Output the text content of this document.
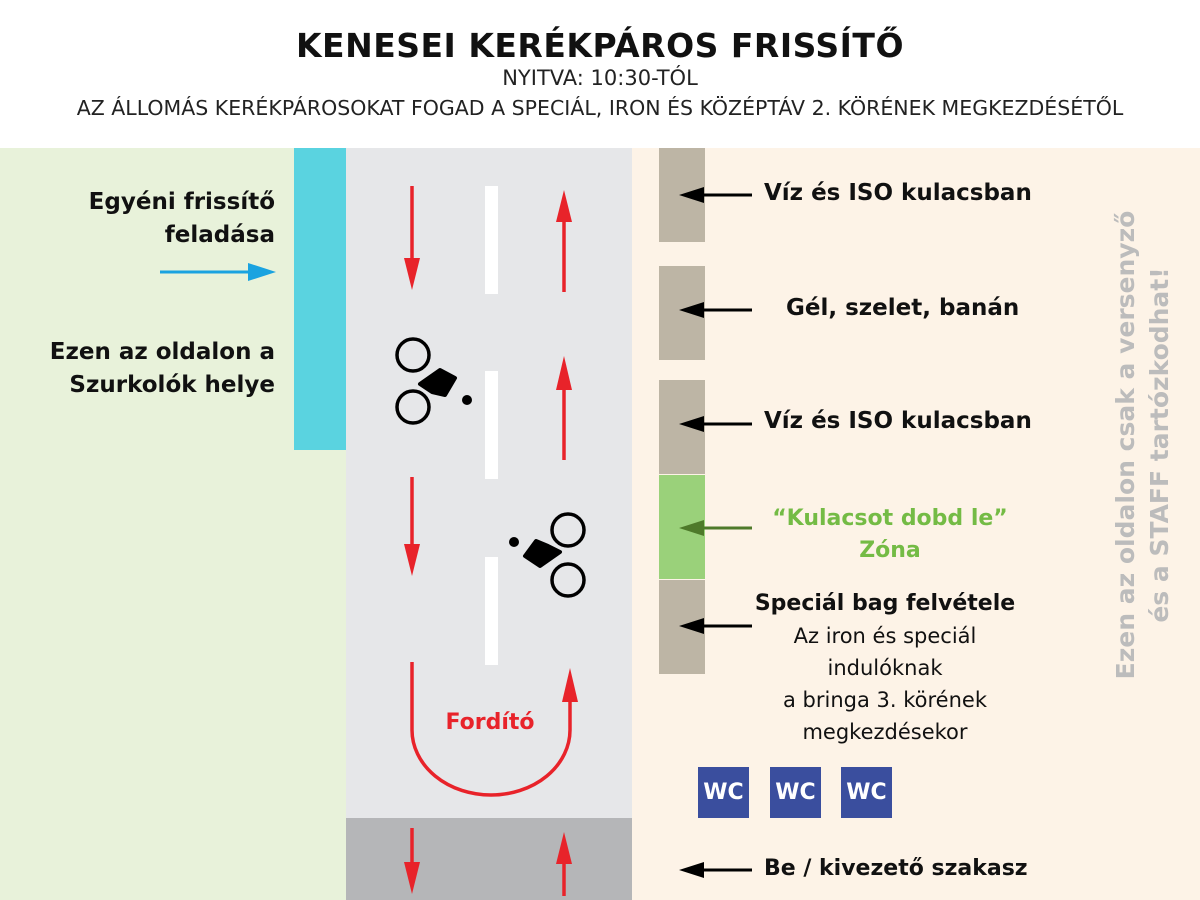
KENESEI KERÉKPÁROS FRISSÍTŐ
NYITVA: 10:30-TÓL
AZ ÁLLOMÁS KERÉKPÁROSOKAT FOGAD A SPECIÁL, IRON ÉS KÖZÉPTÁV 2. KÖRÉNEK MEGKEZDÉSÉTŐL
Egyéni frissítő
feladása
Ezen az oldalon a
Szurkolók helye
Fordító
Víz és ISO kulacsban
Gél, szelet, banán
Víz és ISO kulacsban
“Kulacsot dobd le”
Zóna
Speciál bag felvétele
Az iron és speciál
indulóknak
a bringa 3. körének
megkezdésekor
WC WC WC
Be / kivezető szakasz
Ezen az oldalon csak a versenyző és a STAFF tartózkodhat!
